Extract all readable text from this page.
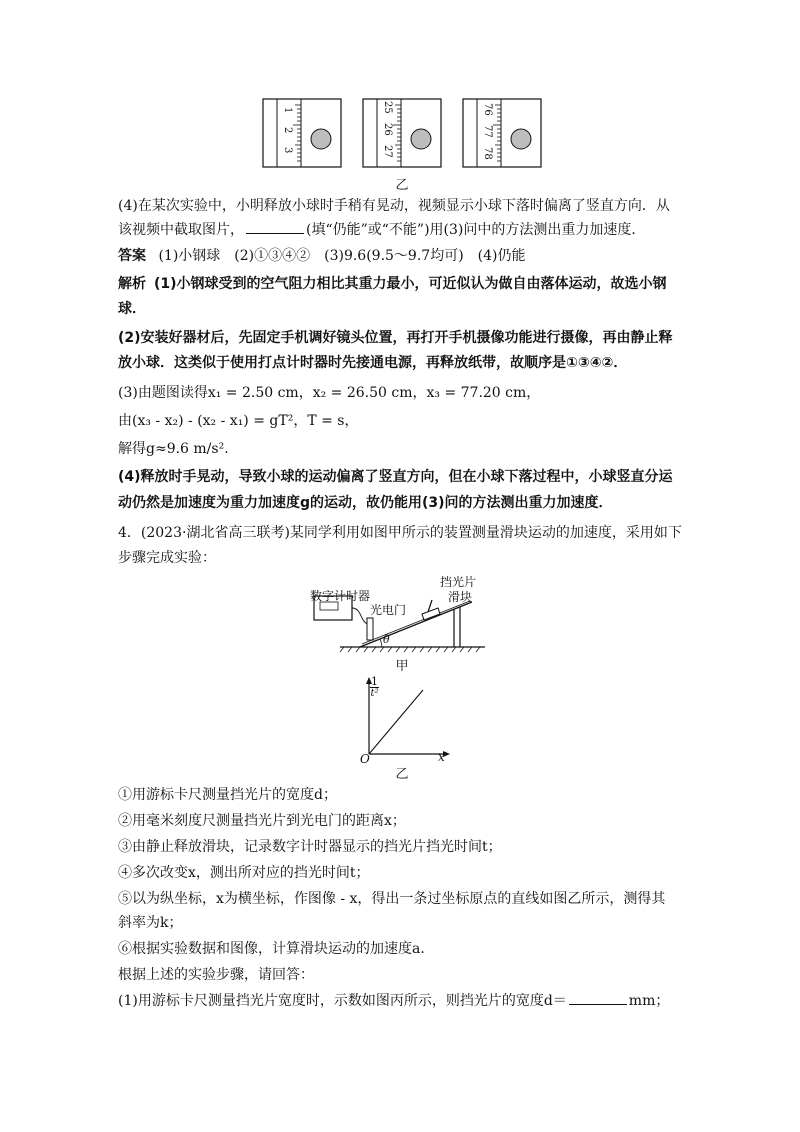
1
2
3
25
26
27
76
77
78
乙
(4)在某次实验中，小明释放小球时手稍有晃动，视频显示小球下落时偏离了竖直方向．从
该视频中截取图片，	(填“仍能”或“不能”)用(3)问中的方法测出重力加速度．
答案 (1)小钢球　(2)①③④②　(3)9.6(9.5～9.7均可)　(4)仍能
解析 (1)小钢球受到的空气阻力相比其重力最小，可近似认为做自由落体运动，故选小钢
球．
(2)安装好器材后，先固定手机调好镜头位置，再打开手机摄像功能进行摄像，再由静止释
放小球．这类似于使用打点计时器时先接通电源，再释放纸带，故顺序是①③④②．
(3)由题图读得x₁ = 2.50 cm，x₂ = 26.50 cm，x₃ = 77.20 cm，
由(x₃ - x₂) - (x₂ - x₁) = gT²，T = s，
解得g≈9.6 m/s².
(4)释放时手晃动，导致小球的运动偏离了竖直方向，但在小球下落过程中，小球竖直分运
动仍然是加速度为重力加速度g的运动，故仍能用(3)问的方法测出重力加速度．
4．(2023·湖北省高三联考)某同学利用如图甲所示的装置测量滑块运动的加速度，采用如下
步骤完成实验：
数字计时器
光电门
挡光片
滑块
θ
甲
1
t²
x
O
乙
①用游标卡尺测量挡光片的宽度d；
②用毫米刻度尺测量挡光片到光电门的距离x；
③由静止释放滑块，记录数字计时器显示的挡光片挡光时间t；
④多次改变x，测出所对应的挡光时间t；
⑤以为纵坐标，x为横坐标，作图像 - x，得出一条过坐标原点的直线如图乙所示，测得其
斜率为k；
⑥根据实验数据和图像，计算滑块运动的加速度a.
根据上述的实验步骤，请回答：
(1)用游标卡尺测量挡光片宽度时，示数如图丙所示，则挡光片的宽度d＝	mm；
